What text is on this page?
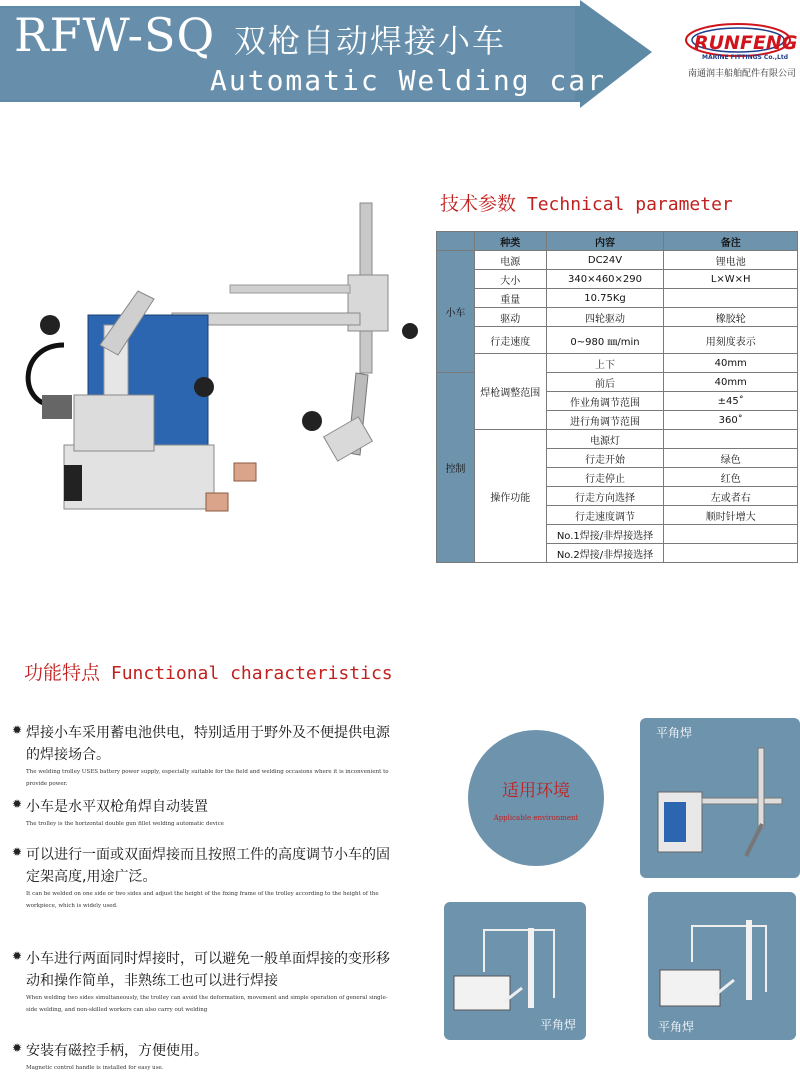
RFW-SQ 双枪自动焊接小车
Automatic Welding car
RUNFENG
MARINE FITTINGS Co.,Ltd
南通润丰船舶配件有限公司
技术参数 Technical parameter
	种类	内容	备注
小车	电源	DC24V	锂电池
	大小	340×460×290	L×W×H
	重量	10.75Kg	
	驱动	四轮驱动	橡胶轮
	行走速度	0~980 ㎜/min	用刻度表示
	焊枪调整范围	上下	40mm
控制		前后	40mm
		作业角调节范围	±45˚
		进行角调节范围	360˚
	操作功能	电源灯	
		行走开始	绿色
		行走停止	红色
		行走方向选择	左或者右
		行走速度调节	顺时针增大
		No.1焊接/非焊接选择	
		No.2焊接/非焊接选择	
功能特点 Functional characteristics
✹ 焊接小车采用蓄电池供电，特别适用于野外及不便提供电源的焊接场合。
The welding trolley USES battery power supply, especially suitable for the field and welding occasions where it is inconvenient to provide power.
✹ 小车是水平双枪角焊自动装置
The trolley is the horizontal double gun fillet welding automatic device
✹ 可以进行一面或双面焊接而且按照工件的高度调节小车的固定架高度,用途广泛。
It can be welded on one side or two sides and adjust the height of the fixing frame of the trolley according to the height of the workpiece, which is widely used.
✹ 小车进行两面同时焊接时，可以避免一般单面焊接的变形移动和操作简单，非熟练工也可以进行焊接
When welding two sides simultaneously, the trolley can avoid the deformation, movement and simple operation of general single-side welding, and non-skilled workers can also carry out welding
✹ 安装有磁控手柄，方便使用。
Magnetic control handle is installed for easy use.
适用环境
Applicable environment
平角焊
平角焊	平角焊
